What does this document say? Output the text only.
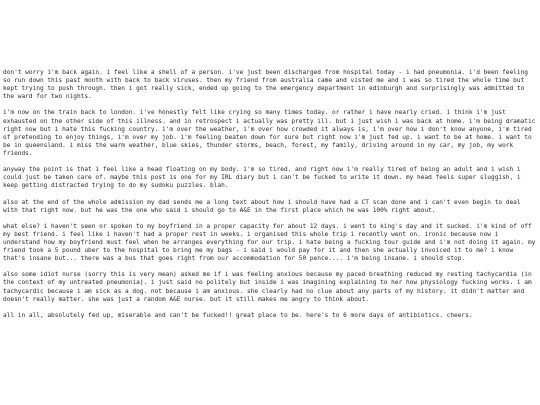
don't worry i'm back again. i feel like a shell of a person. i've just been discharged from hospital today - i had pneumonia. i'd been feeling so run down this past month with back to back viruses. then my friend from australia came and visted me and i was so tired the whole time but kept trying to push through. then i got really sick, ended up going to the emergency department in edinburgh and surprisingly was admitted to the ward for two nights.

i'm now on the train back to london. i've honestly felt like crying so many times today. or rather i have nearly cried. i think i'm just exhausted on the other side of this illness. and in retrospect i actually was pretty ill. but i just wish i was back at home. i'm being dramatic right now but i hate this fucking country. i'm over the weather, i'm over how crowded it always is, i'm over how i don't know anyone, i'm tired of pretending to enjoy things, i'm over my job. i'm feeling beaten down for sure but right now i'm just fed up. i want to be at home. i want to be in queensland. i miss the warm weather, blue skies, thunder storms, beach, forest, my family, driving around in my car, my job, my work friends.

anyway the point is that i feel like a head floating on my body. i'm so tired. and right now i'm really tired of being an adult and i wish i could just be taken care of. maybe this post is one for my IRL diary but i can't be fucked to write it down. my head feels super sluggish, i keep getting distracted trying to do my sudoku puzzles. blah.

also at the end of the whole admission my dad sends me a long text about how i should have had a CT scan done and i can't even begin to deal with that right now. but he was the one who said i should go to A&E in the first place which he was 100% right about.

what else? i haven't seen or spoken to my boyfriend in a proper capacity for about 12 days. i went to king's day and it sucked. i'm kind of off my best friend. i feel like i haven't had a proper rest in weeks. i organised this whole trip i recently went on. ironic because now i understand how my boyfriend must feel when he arranges everything for our trip. i hate being a fucking tour guide and i'm not doing it again. my friend took a 5 pound uber to the hospital to bring me my bags - i said i would pay for it and then she actually invoiced it to me? i know that's insane but... there was a bus that goes right from our accommodation for 50 pence.... i'm being insane. i should stop.

also some idiot nurse (sorry this is very mean) asked me if i was feeling anxious because my paced breathing reduced my resting tachycardia (in the context of my untreated pneumonia). i just said no politely but inside i was imagining explaining to her how physiology fucking works. i am tachycardic because i am sick as a dog. not because i am anxious. she clearly had no clue about any parts of my history. it didn't matter and doesn't really matter. she was just a random A&E nurse. but it still makes me angry to think about.

all in all, absolutely fed up, miserable and can't be fucked!! great place to be. here's to 6 more days of antibiotics. cheers.
